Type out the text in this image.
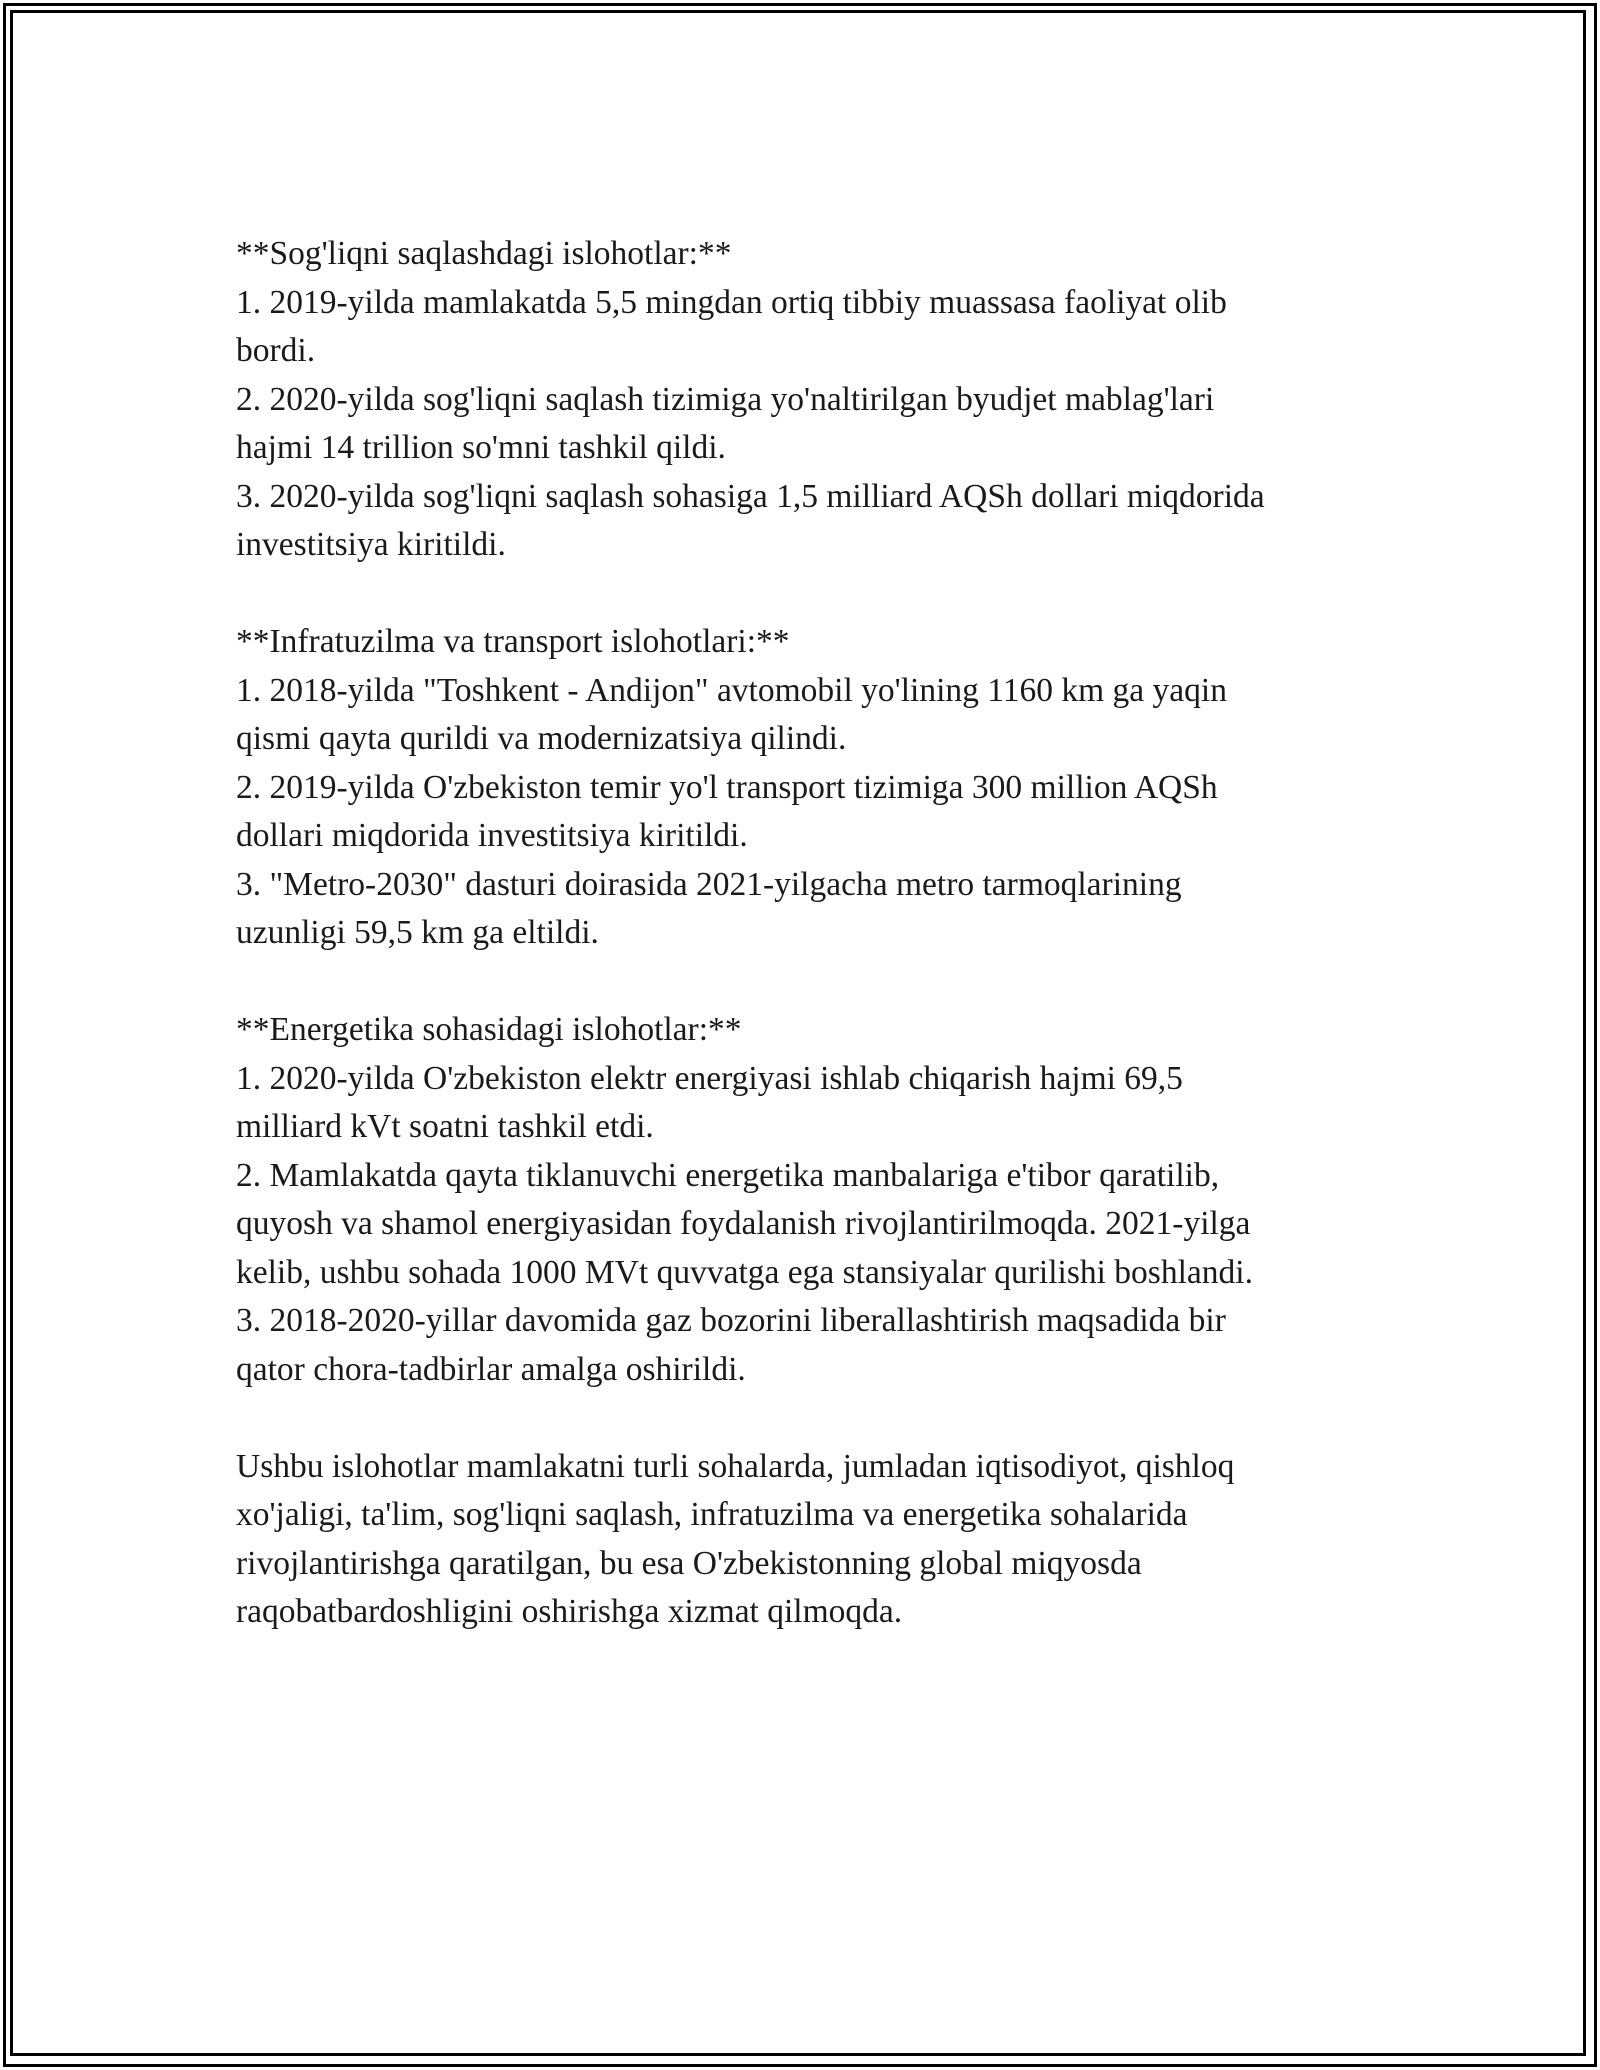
**Sog'liqni saqlashdagi islohotlar:**
1. 2019-yilda mamlakatda 5,5 mingdan ortiq tibbiy muassasa faoliyat olib
bordi.
2. 2020-yilda sog'liqni saqlash tizimiga yo'naltirilgan byudjet mablag'lari
hajmi 14 trillion so'mni tashkil qildi.
3. 2020-yilda sog'liqni saqlash sohasiga 1,5 milliard AQSh dollari miqdorida
investitsiya kiritildi.
**Infratuzilma va transport islohotlari:**
1. 2018-yilda "Toshkent - Andijon" avtomobil yo'lining 1160 km ga yaqin
qismi qayta qurildi va modernizatsiya qilindi.
2. 2019-yilda O'zbekiston temir yo'l transport tizimiga 300 million AQSh
dollari miqdorida investitsiya kiritildi.
3. "Metro-2030" dasturi doirasida 2021-yilgacha metro tarmoqlarining
uzunligi 59,5 km ga eltildi.
**Energetika sohasidagi islohotlar:**
1. 2020-yilda O'zbekiston elektr energiyasi ishlab chiqarish hajmi 69,5
milliard kVt soatni tashkil etdi.
2. Mamlakatda qayta tiklanuvchi energetika manbalariga e'tibor qaratilib,
quyosh va shamol energiyasidan foydalanish rivojlantirilmoqda. 2021-yilga
kelib, ushbu sohada 1000 MVt quvvatga ega stansiyalar qurilishi boshlandi.
3. 2018-2020-yillar davomida gaz bozorini liberallashtirish maqsadida bir
qator chora-tadbirlar amalga oshirildi.
Ushbu islohotlar mamlakatni turli sohalarda, jumladan iqtisodiyot, qishloq
xo'jaligi, ta'lim, sog'liqni saqlash, infratuzilma va energetika sohalarida
rivojlantirishga qaratilgan, bu esa O'zbekistonning global miqyosda
raqobatbardoshligini oshirishga xizmat qilmoqda.
